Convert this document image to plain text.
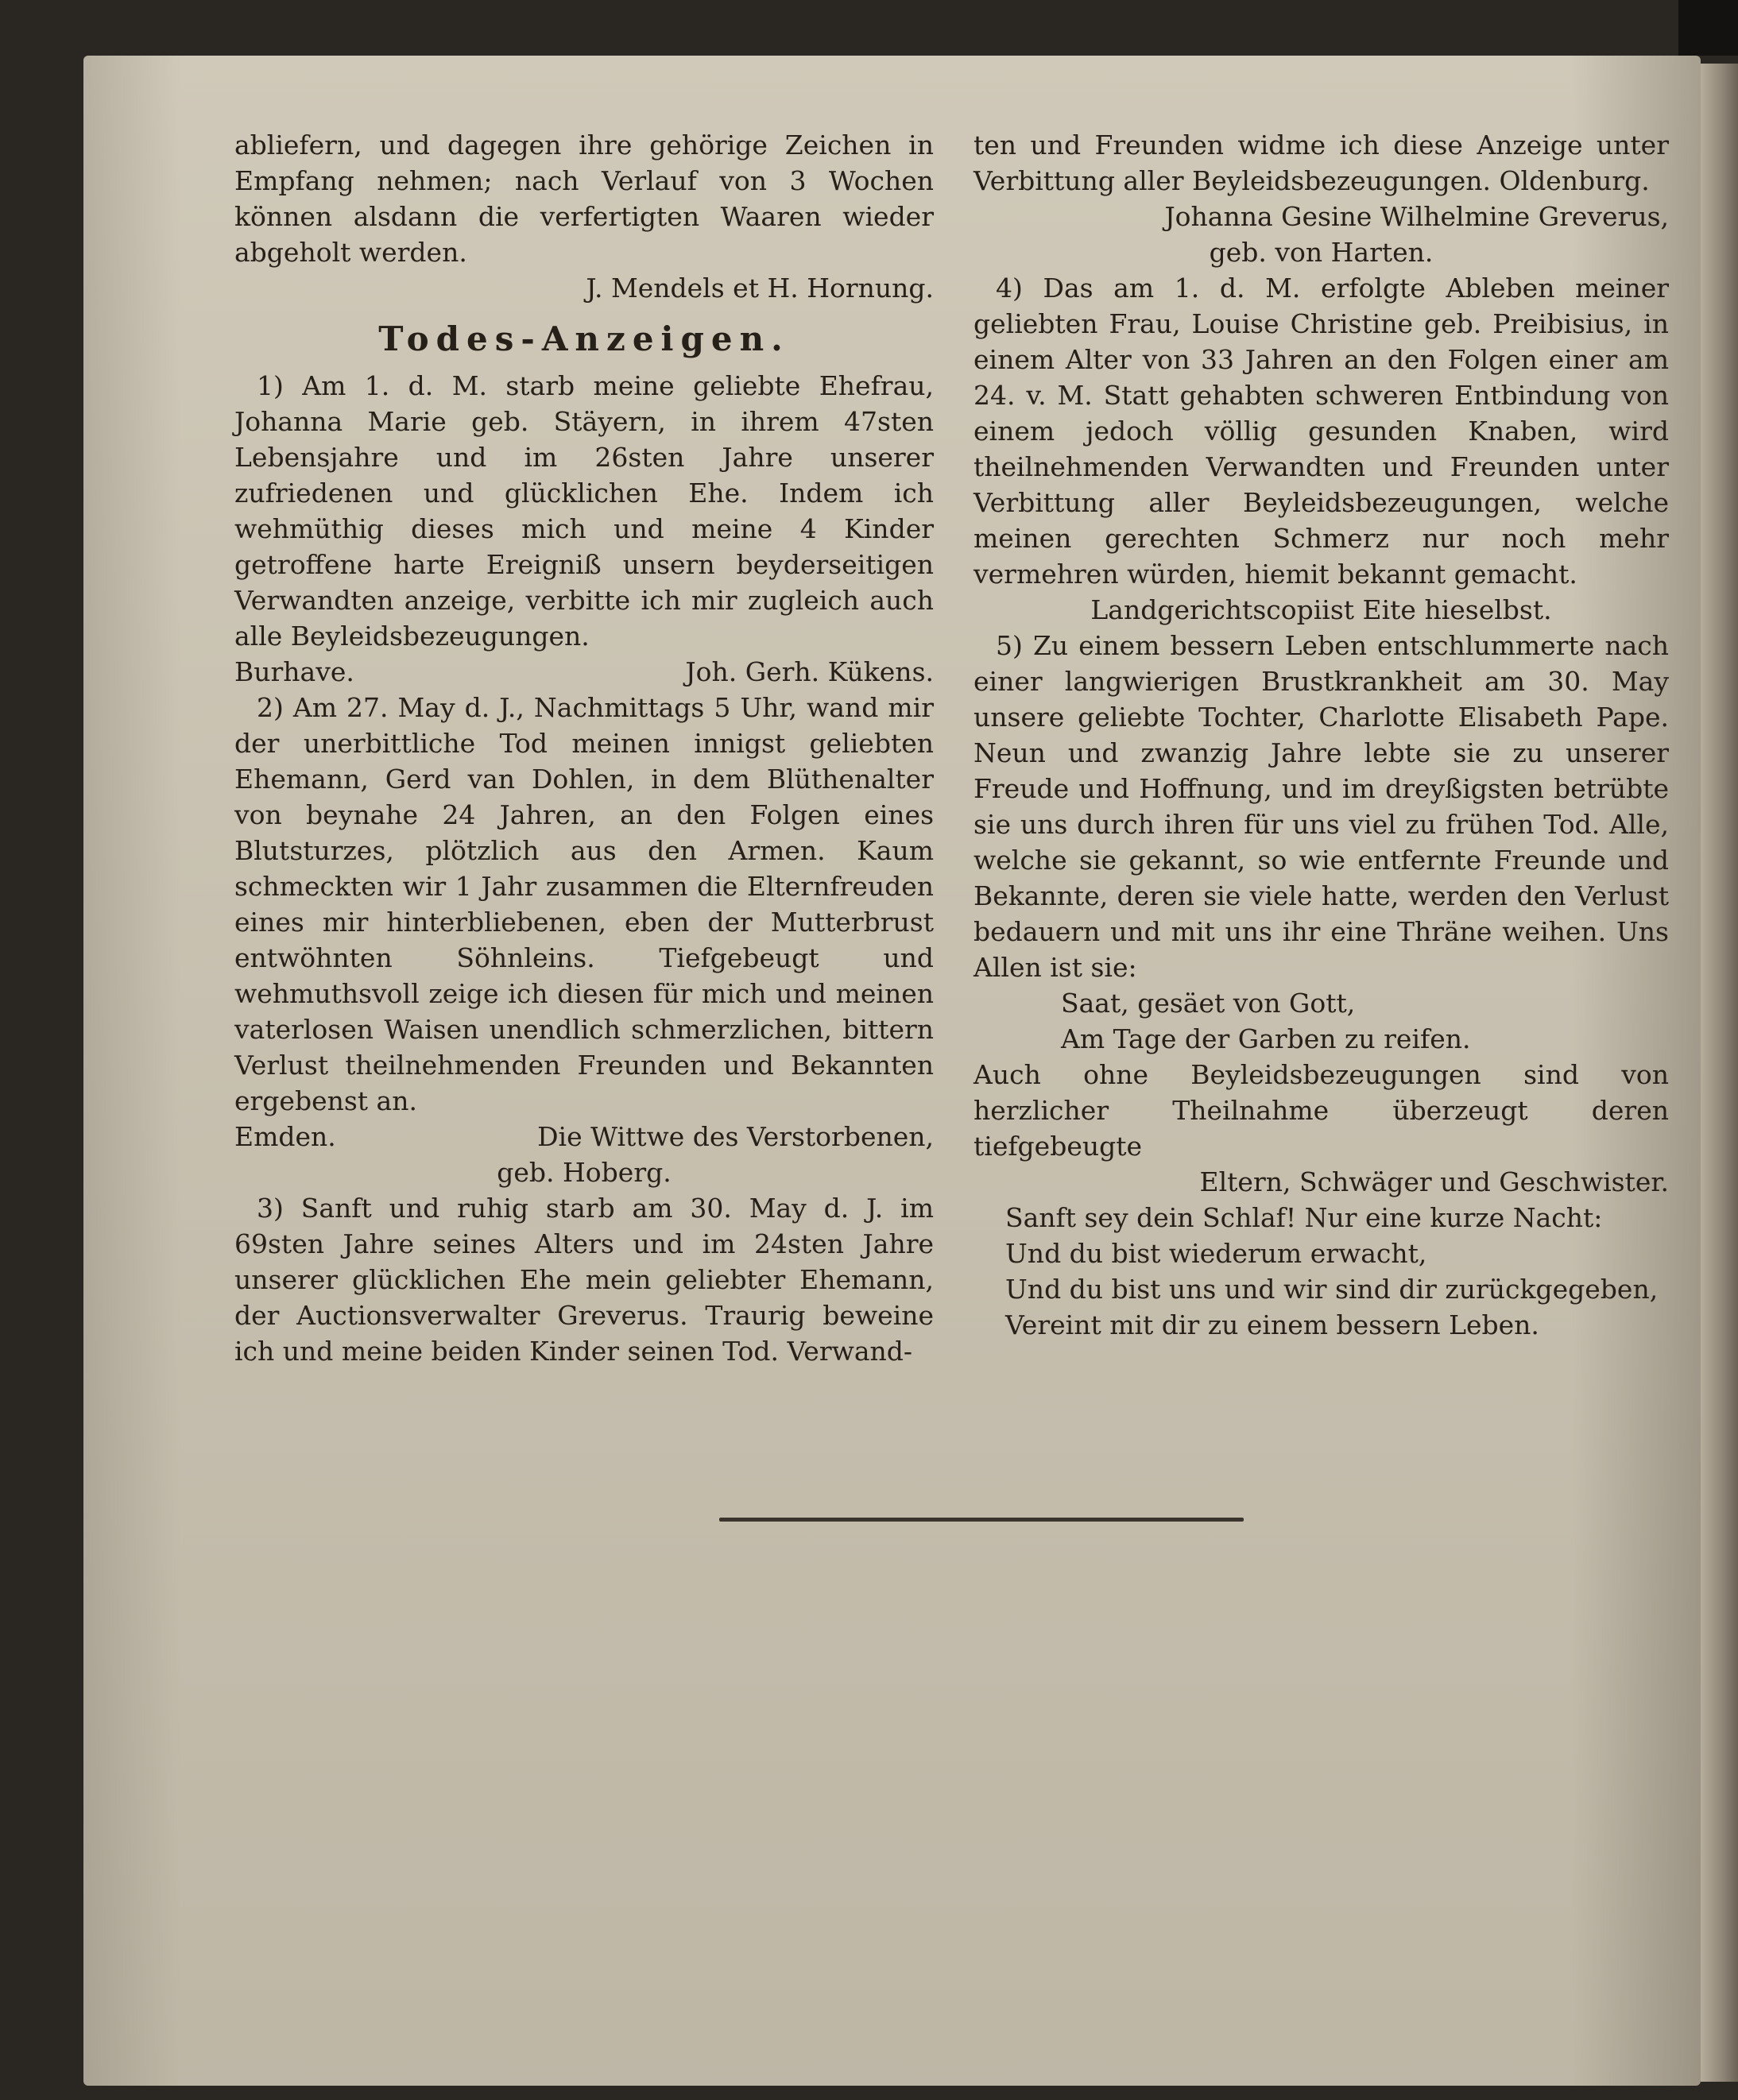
abliefern, und dagegen ihre gehörige Zeichen in Empfang nehmen; nach Verlauf von 3 Wochen können alsdann die verfertigten Waaren wieder abgeholt werden.

J. Mendels et H. Hornung.

Todes-Anzeigen.

1) Am 1. d. M. starb meine geliebte Ehefrau, Johanna Marie geb. Stäyern, in ihrem 47sten Lebensjahre und im 26sten Jahre unserer zufriedenen und glücklichen Ehe. Indem ich wehmüthig dieses mich und meine 4 Kinder getroffene harte Ereigniß unsern beyderseitigen Verwandten anzeige, verbitte ich mir zugleich auch alle Beyleidsbezeugungen.

Burhave.	Joh. Gerh. Kükens.

2) Am 27. May d. J., Nachmittags 5 Uhr, wand mir der unerbittliche Tod meinen innigst geliebten Ehemann, Gerd van Dohlen, in dem Blüthenalter von beynahe 24 Jahren, an den Folgen eines Blutsturzes, plötzlich aus den Armen. Kaum schmeckten wir 1 Jahr zusammen die Elternfreuden eines mir hinterbliebenen, eben der Mutterbrust entwöhnten Söhnleins. Tiefgebeugt und wehmuthsvoll zeige ich diesen für mich und meinen vaterlosen Waisen unendlich schmerzlichen, bittern Verlust theilnehmenden Freunden und Bekannten ergebenst an.

Emden.	Die Wittwe des Verstorbenen,

geb. Hoberg.

3) Sanft und ruhig starb am 30. May d. J. im 69sten Jahre seines Alters und im 24sten Jahre unserer glücklichen Ehe mein geliebter Ehemann, der Auctionsverwalter Greverus. Traurig beweine ich und meine beiden Kinder seinen Tod. Verwand-

ten und Freunden widme ich diese Anzeige unter Verbittung aller Beyleidsbezeugungen. Oldenburg.

Johanna Gesine Wilhelmine Greverus,

geb. von Harten.

4) Das am 1. d. M. erfolgte Ableben meiner geliebten Frau, Louise Christine geb. Preibisius, in einem Alter von 33 Jahren an den Folgen einer am 24. v. M. Statt gehabten schweren Entbindung von einem jedoch völlig gesunden Knaben, wird theilnehmenden Verwandten und Freunden unter Verbittung aller Beyleidsbezeugungen, welche meinen gerechten Schmerz nur noch mehr vermehren würden, hiemit bekannt gemacht.

Landgerichtscopiist Eite hieselbst.

5) Zu einem bessern Leben entschlummerte nach einer langwierigen Brustkrankheit am 30. May unsere geliebte Tochter, Charlotte Elisabeth Pape. Neun und zwanzig Jahre lebte sie zu unserer Freude und Hoffnung, und im dreyßigsten betrübte sie uns durch ihren für uns viel zu frühen Tod. Alle, welche sie gekannt, so wie entfernte Freunde und Bekannte, deren sie viele hatte, werden den Verlust bedauern und mit uns ihr eine Thräne weihen. Uns Allen ist sie:

Saat, gesäet von Gott,

Am Tage der Garben zu reifen.

Auch ohne Beyleidsbezeugungen sind von herzlicher Theilnahme überzeugt deren tiefgebeugte

Eltern, Schwäger und Geschwister.

Sanft sey dein Schlaf! Nur eine kurze Nacht:

Und du bist wiederum erwacht,

Und du bist uns und wir sind dir zurückgegeben,

Vereint mit dir zu einem bessern Leben.
